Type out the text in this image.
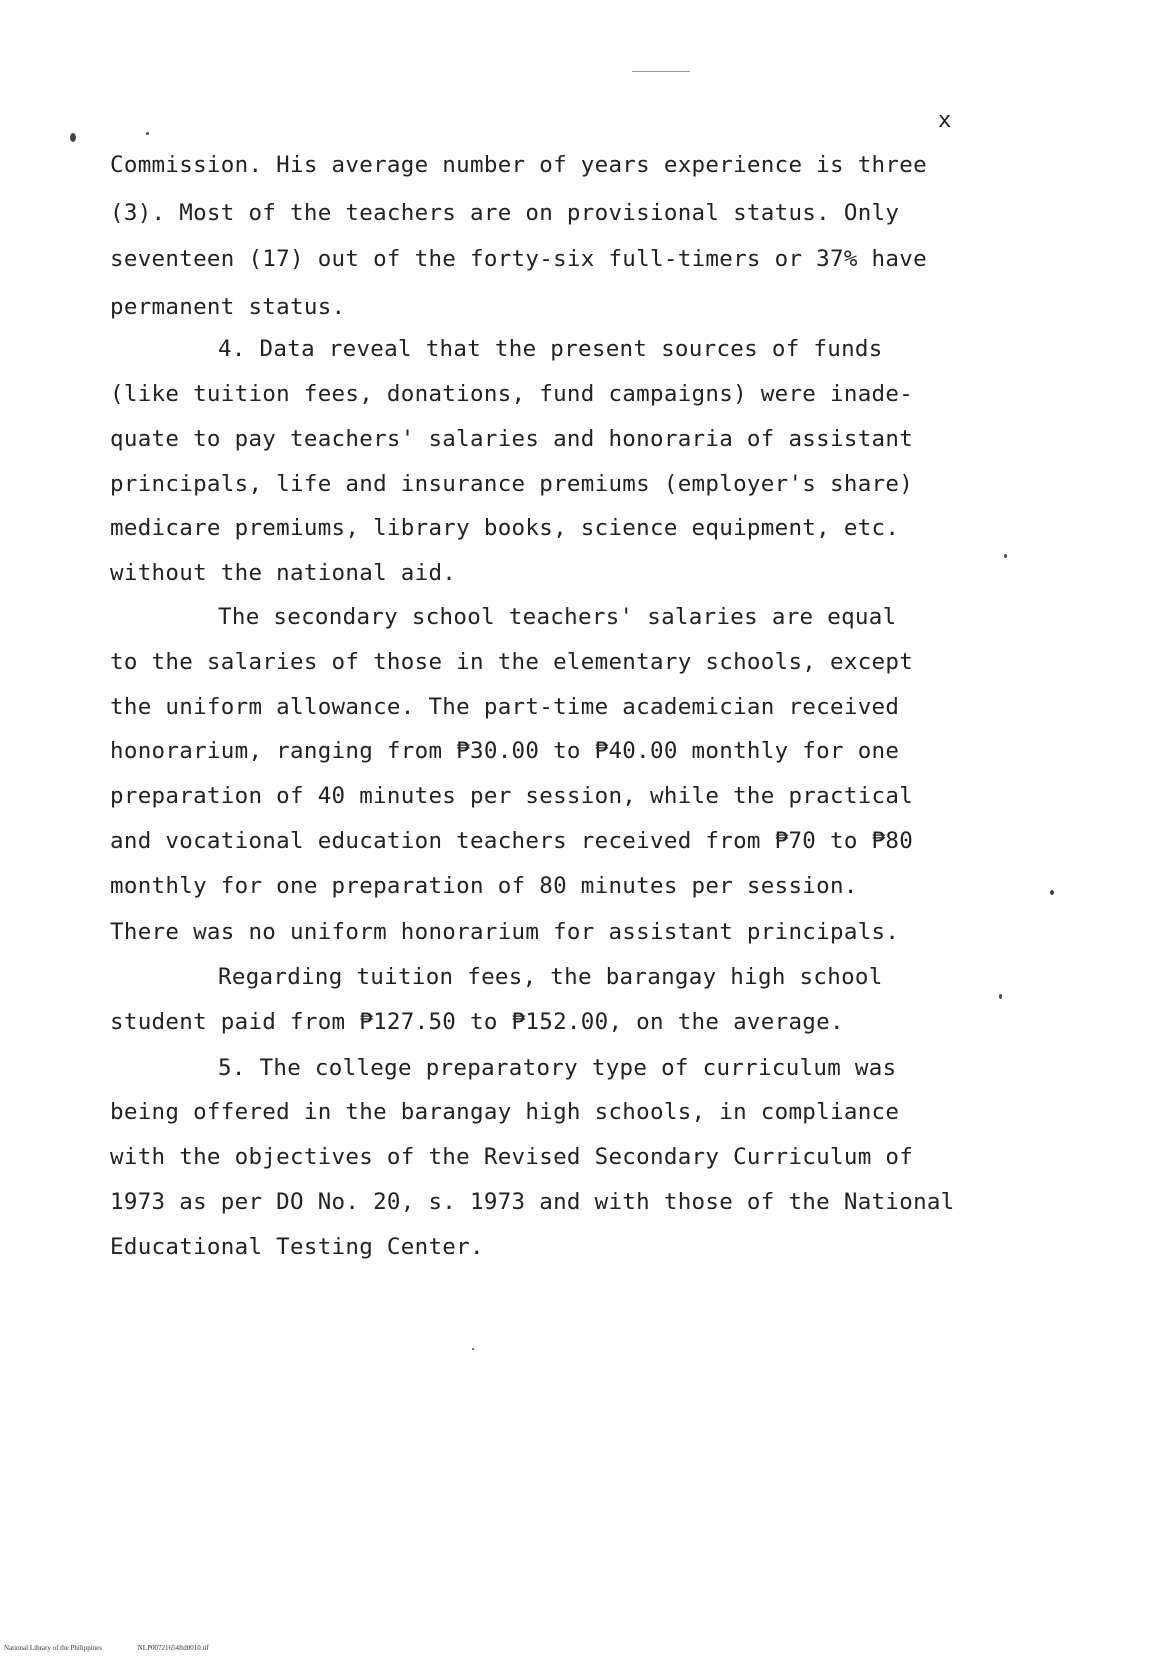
x
Commission. His average number of years experience is three
(3). Most of the teachers are on provisional status. Only
seventeen (17) out of the forty-six full-timers or 37% have
permanent status.
4. Data reveal that the present sources of funds
(like tuition fees, donations, fund campaigns) were inade-
quate to pay teachers' salaries and honoraria of assistant
principals, life and insurance premiums (employer's share)
medicare premiums, library books, science equipment, etc.
without the national aid.
The secondary school teachers' salaries are equal
to the salaries of those in the elementary schools, except
the uniform allowance. The part-time academician received
honorarium, ranging from ₱30.00 to ₱40.00 monthly for one
preparation of 40 minutes per session, while the practical
and vocational education teachers received from ₱70 to ₱80
monthly for one preparation of 80 minutes per session.
There was no uniform honorarium for assistant principals.
Regarding tuition fees, the barangay high school
student paid from ₱127.50 to ₱152.00, on the average.
5. The college preparatory type of curriculum was
being offered in the barangay high schools, in compliance
with the objectives of the Revised Secondary Curriculum of
1973 as per DO No. 20, s. 1973 and with those of the National
Educational Testing Center.
National Library of the Philippines	NLP00721654ftd0010.tif
